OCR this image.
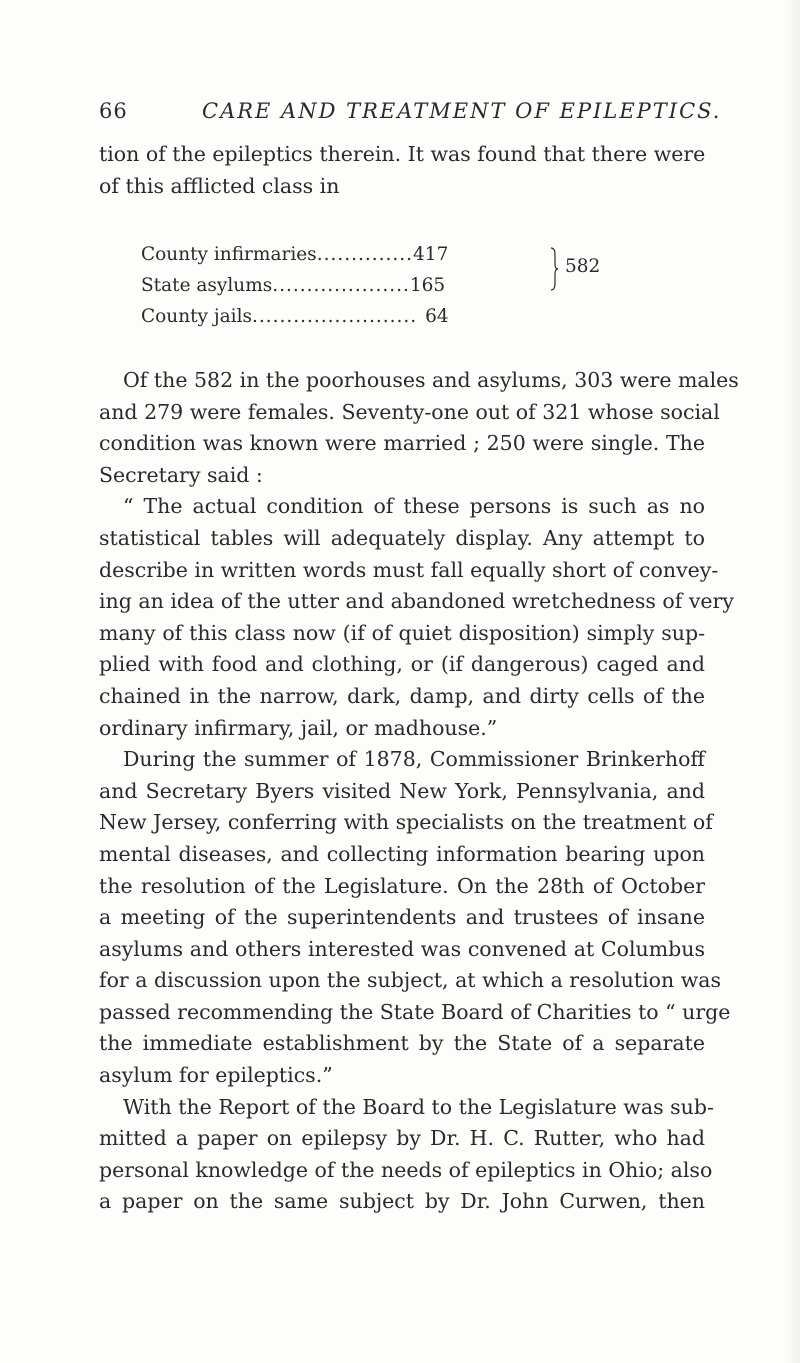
66	CARE AND TREATMENT OF EPILEPTICS.
tion of the epileptics therein. It was found that there were
of this afflicted class in
County infirmaries..............417
State asylums....................165
County jails........................ 64
582
Of the 582 in the poorhouses and asylums, 303 were males
and 279 were females. Seventy-one out of 321 whose social
condition was known were married ; 250 were single. The
Secretary said :
“ The actual condition of these persons is such as no
statistical tables will adequately display. Any attempt to
describe in written words must fall equally short of convey-
ing an idea of the utter and abandoned wretchedness of very
many of this class now (if of quiet disposition) simply sup-
plied with food and clothing, or (if dangerous) caged and
chained in the narrow, dark, damp, and dirty cells of the
ordinary infirmary, jail, or madhouse.”
During the summer of 1878, Commissioner Brinkerhoff
and Secretary Byers visited New York, Pennsylvania, and
New Jersey, conferring with specialists on the treatment of
mental diseases, and collecting information bearing upon
the resolution of the Legislature. On the 28th of October
a meeting of the superintendents and trustees of insane
asylums and others interested was convened at Columbus
for a discussion upon the subject, at which a resolution was
passed recommending the State Board of Charities to “ urge
the immediate establishment by the State of a separate
asylum for epileptics.”
With the Report of the Board to the Legislature was sub-
mitted a paper on epilepsy by Dr. H. C. Rutter, who had
personal knowledge of the needs of epileptics in Ohio; also
a paper on the same subject by Dr. John Curwen, then
